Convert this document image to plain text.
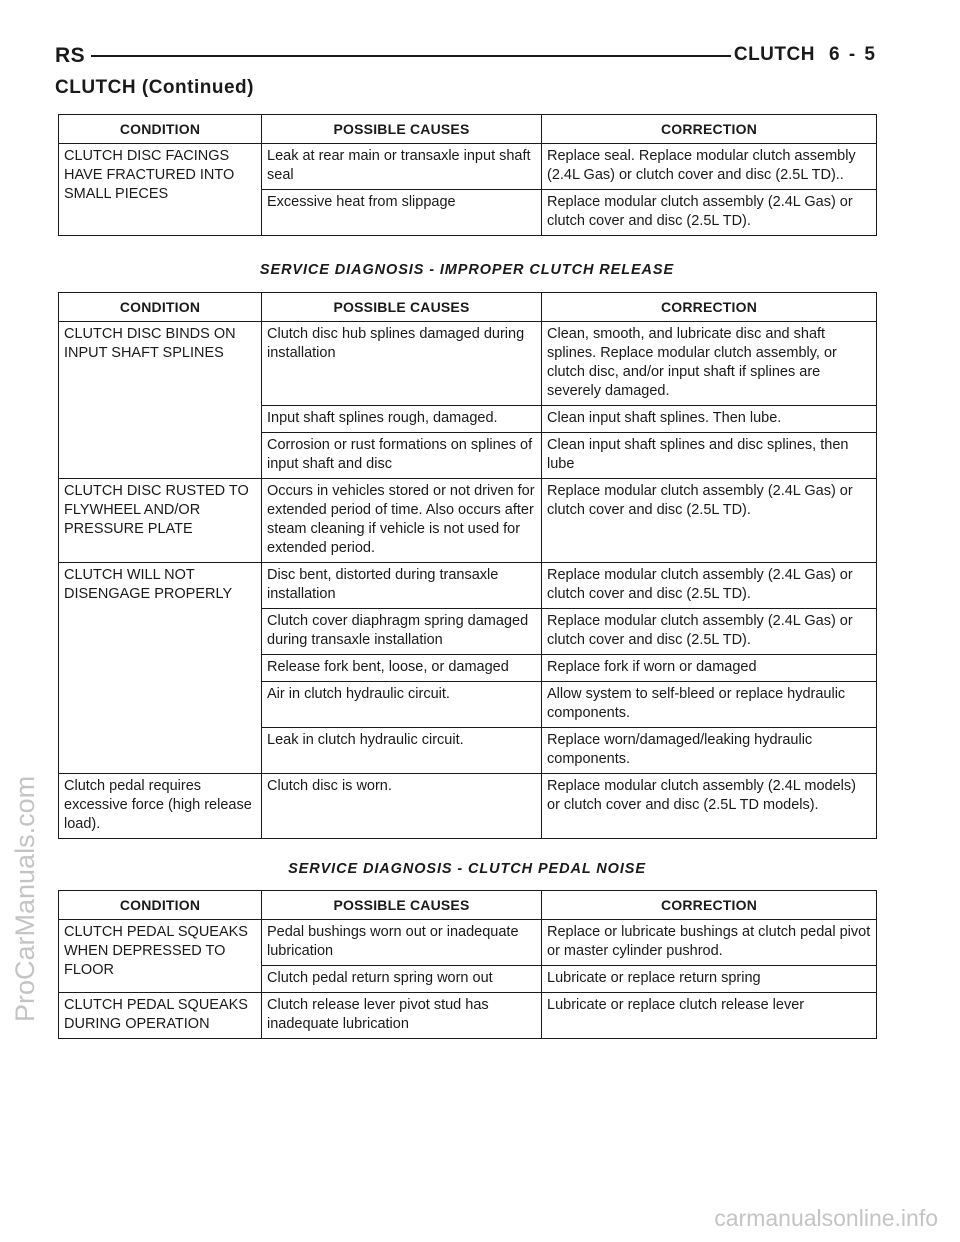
RS	CLUTCH 6 - 5
CLUTCH (Continued)
CONDITION	POSSIBLE CAUSES	CORRECTION
CLUTCH DISC FACINGS HAVE FRACTURED INTO SMALL PIECES	Leak at rear main or transaxle input shaft seal	Replace seal. Replace modular clutch assembly (2.4L Gas) or clutch cover and disc (2.5L TD)..
	Excessive heat from slippage	Replace modular clutch assembly (2.4L Gas) or clutch cover and disc (2.5L TD).
SERVICE DIAGNOSIS - IMPROPER CLUTCH RELEASE
CONDITION	POSSIBLE CAUSES	CORRECTION
CLUTCH DISC BINDS ON INPUT SHAFT SPLINES	Clutch disc hub splines damaged during installation	Clean, smooth, and lubricate disc and shaft splines. Replace modular clutch assembly, or clutch disc, and/or input shaft if splines are severely damaged.
	Input shaft splines rough, damaged.	Clean input shaft splines. Then lube.
	Corrosion or rust formations on splines of input shaft and disc	Clean input shaft splines and disc splines, then lube
CLUTCH DISC RUSTED TO FLYWHEEL AND/OR PRESSURE PLATE	Occurs in vehicles stored or not driven for extended period of time. Also occurs after steam cleaning if vehicle is not used for extended period.	Replace modular clutch assembly (2.4L Gas) or clutch cover and disc (2.5L TD).
CLUTCH WILL NOT DISENGAGE PROPERLY	Disc bent, distorted during transaxle installation	Replace modular clutch assembly (2.4L Gas) or clutch cover and disc (2.5L TD).
	Clutch cover diaphragm spring damaged during transaxle installation	Replace modular clutch assembly (2.4L Gas) or clutch cover and disc (2.5L TD).
	Release fork bent, loose, or damaged	Replace fork if worn or damaged
	Air in clutch hydraulic circuit.	Allow system to self-bleed or replace hydraulic components.
	Leak in clutch hydraulic circuit.	Replace worn/damaged/leaking hydraulic components.
Clutch pedal requires excessive force (high release load).	Clutch disc is worn.	Replace modular clutch assembly (2.4L models) or clutch cover and disc (2.5L TD models).
SERVICE DIAGNOSIS - CLUTCH PEDAL NOISE
CONDITION	POSSIBLE CAUSES	CORRECTION
CLUTCH PEDAL SQUEAKS WHEN DEPRESSED TO FLOOR	Pedal bushings worn out or inadequate lubrication	Replace or lubricate bushings at clutch pedal pivot or master cylinder pushrod.
	Clutch pedal return spring worn out	Lubricate or replace return spring
CLUTCH PEDAL SQUEAKS DURING OPERATION	Clutch release lever pivot stud has inadequate lubrication	Lubricate or replace clutch release lever
ProCarManuals.com
carmanualsonline.info
